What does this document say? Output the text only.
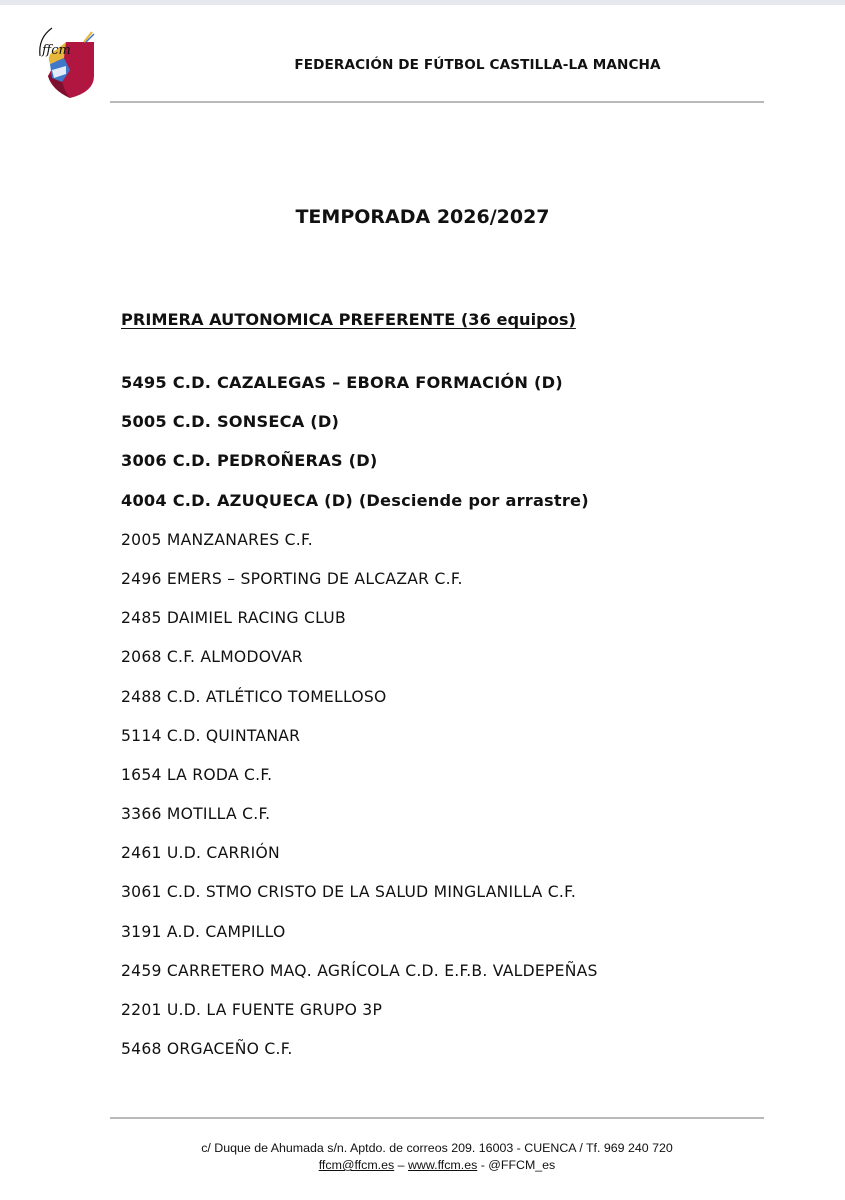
ffcm
FEDERACIÓN DE FÚTBOL CASTILLA-LA MANCHA
TEMPORADA 2026/2027
PRIMERA AUTONOMICA PREFERENTE (36 equipos)
5495 C.D. CAZALEGAS – EBORA FORMACIÓN (D)
5005 C.D. SONSECA (D)
3006 C.D. PEDROÑERAS (D)
4004 C.D. AZUQUECA (D) (Desciende por arrastre)
2005 MANZANARES C.F.
2496 EMERS – SPORTING DE ALCAZAR C.F.
2485 DAIMIEL RACING CLUB
2068 C.F. ALMODOVAR
2488 C.D. ATLÉTICO TOMELLOSO
5114 C.D. QUINTANAR
1654 LA RODA C.F.
3366 MOTILLA C.F.
2461 U.D. CARRIÓN
3061 C.D. STMO CRISTO DE LA SALUD MINGLANILLA C.F.
3191 A.D. CAMPILLO
2459 CARRETERO MAQ. AGRÍCOLA C.D. E.F.B. VALDEPEÑAS
2201 U.D. LA FUENTE GRUPO 3P
5468 ORGACEÑO C.F.
c/ Duque de Ahumada s/n. Aptdo. de correos 209. 16003 - CUENCA / Tf. 969 240 720
ffcm@ffcm.es – www.ffcm.es - @FFCM_es
